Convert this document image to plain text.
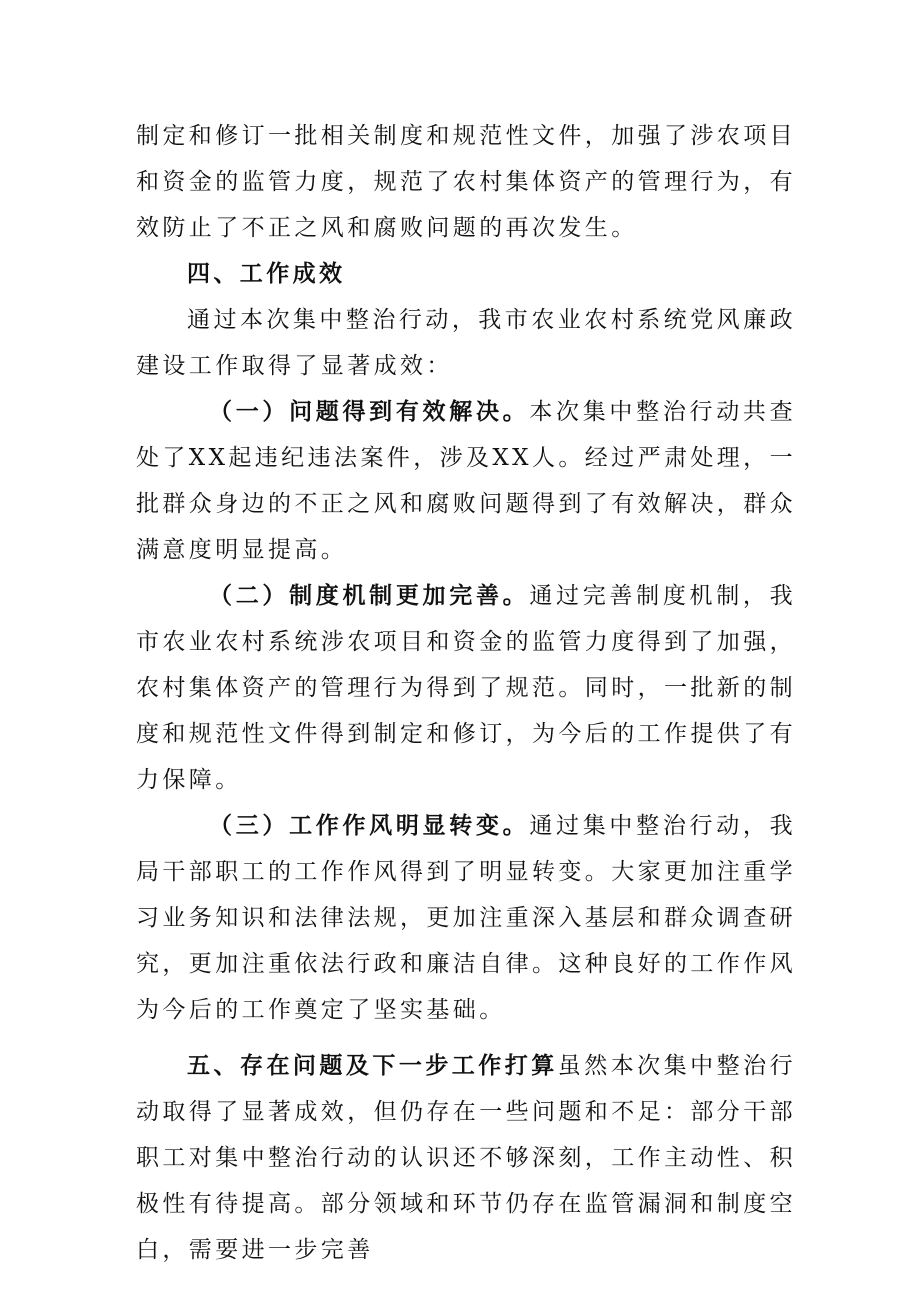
制定和修订一批相关制度和规范性文件，加强了涉农项目和资金的监管力度，规范了农村集体资产的管理行为，有效防止了不正之风和腐败问题的再次发生。

四、工作成效

通过本次集中整治行动，我市农业农村系统党风廉政建设工作取得了显著成效：

（一）问题得到有效解决。本次集中整治行动共查处了XX起违纪违法案件，涉及XX人。经过严肃处理，一批群众身边的不正之风和腐败问题得到了有效解决，群众满意度明显提高。

（二）制度机制更加完善。通过完善制度机制，我市农业农村系统涉农项目和资金的监管力度得到了加强，农村集体资产的管理行为得到了规范。同时，一批新的制度和规范性文件得到制定和修订，为今后的工作提供了有力保障。

（三）工作作风明显转变。通过集中整治行动，我局干部职工的工作作风得到了明显转变。大家更加注重学习业务知识和法律法规，更加注重深入基层和群众调查研究，更加注重依法行政和廉洁自律。这种良好的工作作风为今后的工作奠定了坚实基础。

五、存在问题及下一步工作打算虽然本次集中整治行动取得了显著成效，但仍存在一些问题和不足：部分干部职工对集中整治行动的认识还不够深刻，工作主动性、积极性有待提高。部分领域和环节仍存在监管漏洞和制度空白，需要进一步完善
